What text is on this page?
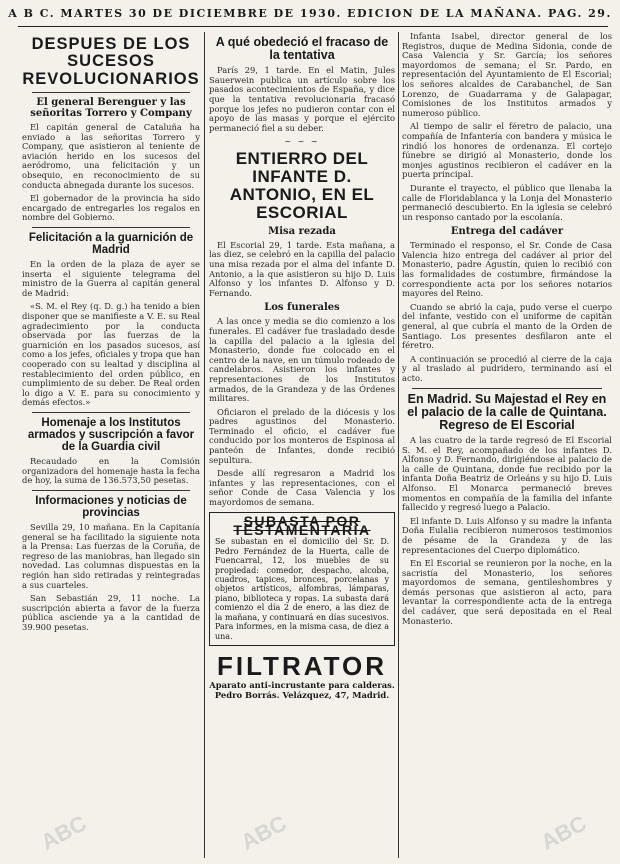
A B C. MARTES 30 DE DICIEMBRE DE 1930. EDICION DE LA MAÑANA. PAG. 29.
DESPUES DE LOS SUCESOS REVOLUCIONARIOS
El general Berenguer y las señoritas Torrero y Company

El capitán general de Cataluña ha enviado a las señoritas Torrero y Company, que asistieron al teniente de aviación herido en los sucesos del aeródromo, una felicitación y un obsequio, en reconocimiento de su conducta abnegada durante los sucesos.

El gobernador de la provincia ha sido encargado de entregarles los regalos en nombre del Gobierno.

Felicitación a la guarnición de Madrid

En la orden de la plaza de ayer se inserta el siguiente telegrama del ministro de la Guerra al capitán general de Madrid:

«S. M. el Rey (q. D. g.) ha tenido a bien disponer que se manifieste a V. E. su Real agradecimiento por la conducta observada por las fuerzas de la guarnición en los pasados sucesos, así como a los jefes, oficiales y tropa que han cooperado con su lealtad y disciplina al restablecimiento del orden público, en cumplimiento de su deber. De Real orden lo digo a V. E. para su conocimiento y demás efectos.»

Homenaje a los Institutos armados y suscripción a favor de la Guardia civil

Recaudado en la Comisión organizadora del homenaje hasta la fecha de hoy, la suma de 136.573,50 pesetas.

Informaciones y noticias de provincias

Sevilla 29, 10 mañana. En la Capitanía general se ha facilitado la siguiente nota a la Prensa: Las fuerzas de la Coruña, de regreso de las maniobras, han llegado sin novedad. Las columnas dispuestas en la región han sido retiradas y reintegradas a sus cuarteles.

San Sebastián 29, 11 noche. La suscripción abierta a favor de la fuerza pública asciende ya a la cantidad de 39.900 pesetas.

A qué obedeció el fracaso de la tentativa

París 29, 1 tarde. En el Matin, Jules Sauerwein publica un artículo sobre los pasados acontecimientos de España, y dice que la tentativa revolucionaria fracasó porque los jefes no pudieron contar con el apoyo de las masas y porque el ejército permaneció fiel a su deber.

~ ~ ~
ENTIERRO DEL INFANTE D. ANTONIO, EN EL ESCORIAL
Misa rezada

El Escorial 29, 1 tarde. Esta mañana, a las diez, se celebró en la capilla del palacio una misa rezada por el alma del infante D. Antonio, a la que asistieron su hijo D. Luis Alfonso y los infantes D. Alfonso y D. Fernando.

Los funerales

A las once y media se dio comienzo a los funerales. El cadáver fue trasladado desde la capilla del palacio a la iglesia del Monasterio, donde fue colocado en el centro de la nave, en un túmulo rodeado de candelabros. Asistieron los infantes y representaciones de los Institutos armados, de la Grandeza y de las Órdenes militares.

Oficiaron el prelado de la diócesis y los padres agustinos del Monasterio. Terminado el oficio, el cadáver fue conducido por los monteros de Espinosa al panteón de Infantes, donde recibió sepultura.

Desde allí regresaron a Madrid los infantes y las representaciones, con el señor Conde de Casa Valencia y los mayordomos de semana.

SUBASTA POR TESTAMENTARIA
Se subastan en el domicilio del Sr. D. Pedro Fernández de la Huerta, calle de Fuencarral, 12, los muebles de su propiedad: comedor, despacho, alcoba, cuadros, tapices, bronces, porcelanas y objetos artísticos, alfombras, lámparas, piano, biblioteca y ropas. La subasta dará comienzo el día 2 de enero, a las diez de la mañana, y continuará en días sucesivos. Para informes, en la misma casa, de diez a una.
FILTRATOR
Aparato anti-incrustante para calderas. Pedro Borrás. Velázquez, 47, Madrid.

Infanta Isabel, director general de los Registros, duque de Medina Sidonia, conde de Casa Valencia y Sr. García; los señores mayordomos de semana; el Sr. Pardo, en representación del Ayuntamiento de El Escorial; los señores alcaldes de Carabanchel, de San Lorenzo, de Guadarrama y de Galapagar, Comisiones de los Institutos armados y numeroso público.

Al tiempo de salir el féretro de palacio, una compañía de Infantería con bandera y música le rindió los honores de ordenanza. El cortejo fúnebre se dirigió al Monasterio, donde los monjes agustinos recibieron el cadáver en la puerta principal.

Durante el trayecto, el público que llenaba la calle de Floridablanca y la Lonja del Monasterio permaneció descubierto. En la iglesia se celebró un responso cantado por la escolanía.

Entrega del cadáver

Terminado el responso, el Sr. Conde de Casa Valencia hizo entrega del cadáver al prior del Monasterio, padre Agustín, quien lo recibió con las formalidades de costumbre, firmándose la correspondiente acta por los señores notarios mayores del Reino.

Cuando se abrió la caja, pudo verse el cuerpo del infante, vestido con el uniforme de capitán general, al que cubría el manto de la Orden de Santiago. Los presentes desfilaron ante el féretro.

A continuación se procedió al cierre de la caja y al traslado al pudridero, terminando así el acto.

En Madrid. Su Majestad el Rey en el palacio de la calle de Quintana. Regreso de El Escorial

A las cuatro de la tarde regresó de El Escorial S. M. el Rey, acompañado de los infantes D. Alfonso y D. Fernando, dirigiéndose al palacio de la calle de Quintana, donde fue recibido por la infanta Doña Beatriz de Orleáns y su hijo D. Luis Alfonso. El Monarca permaneció breves momentos en compañía de la familia del infante fallecido y regresó luego a Palacio.

El infante D. Luis Alfonso y su madre la infanta Doña Eulalia recibieron numerosos testimonios de pésame de la Grandeza y de las representaciones del Cuerpo diplomático.

En El Escorial se reunieron por la noche, en la sacristía del Monasterio, los señores mayordomos de semana, gentileshombres y demás personas que asistieron al acto, para levantar la correspondiente acta de la entrega del cadáver, que será depositada en el Real Monasterio.

ABC	ABC	ABC
